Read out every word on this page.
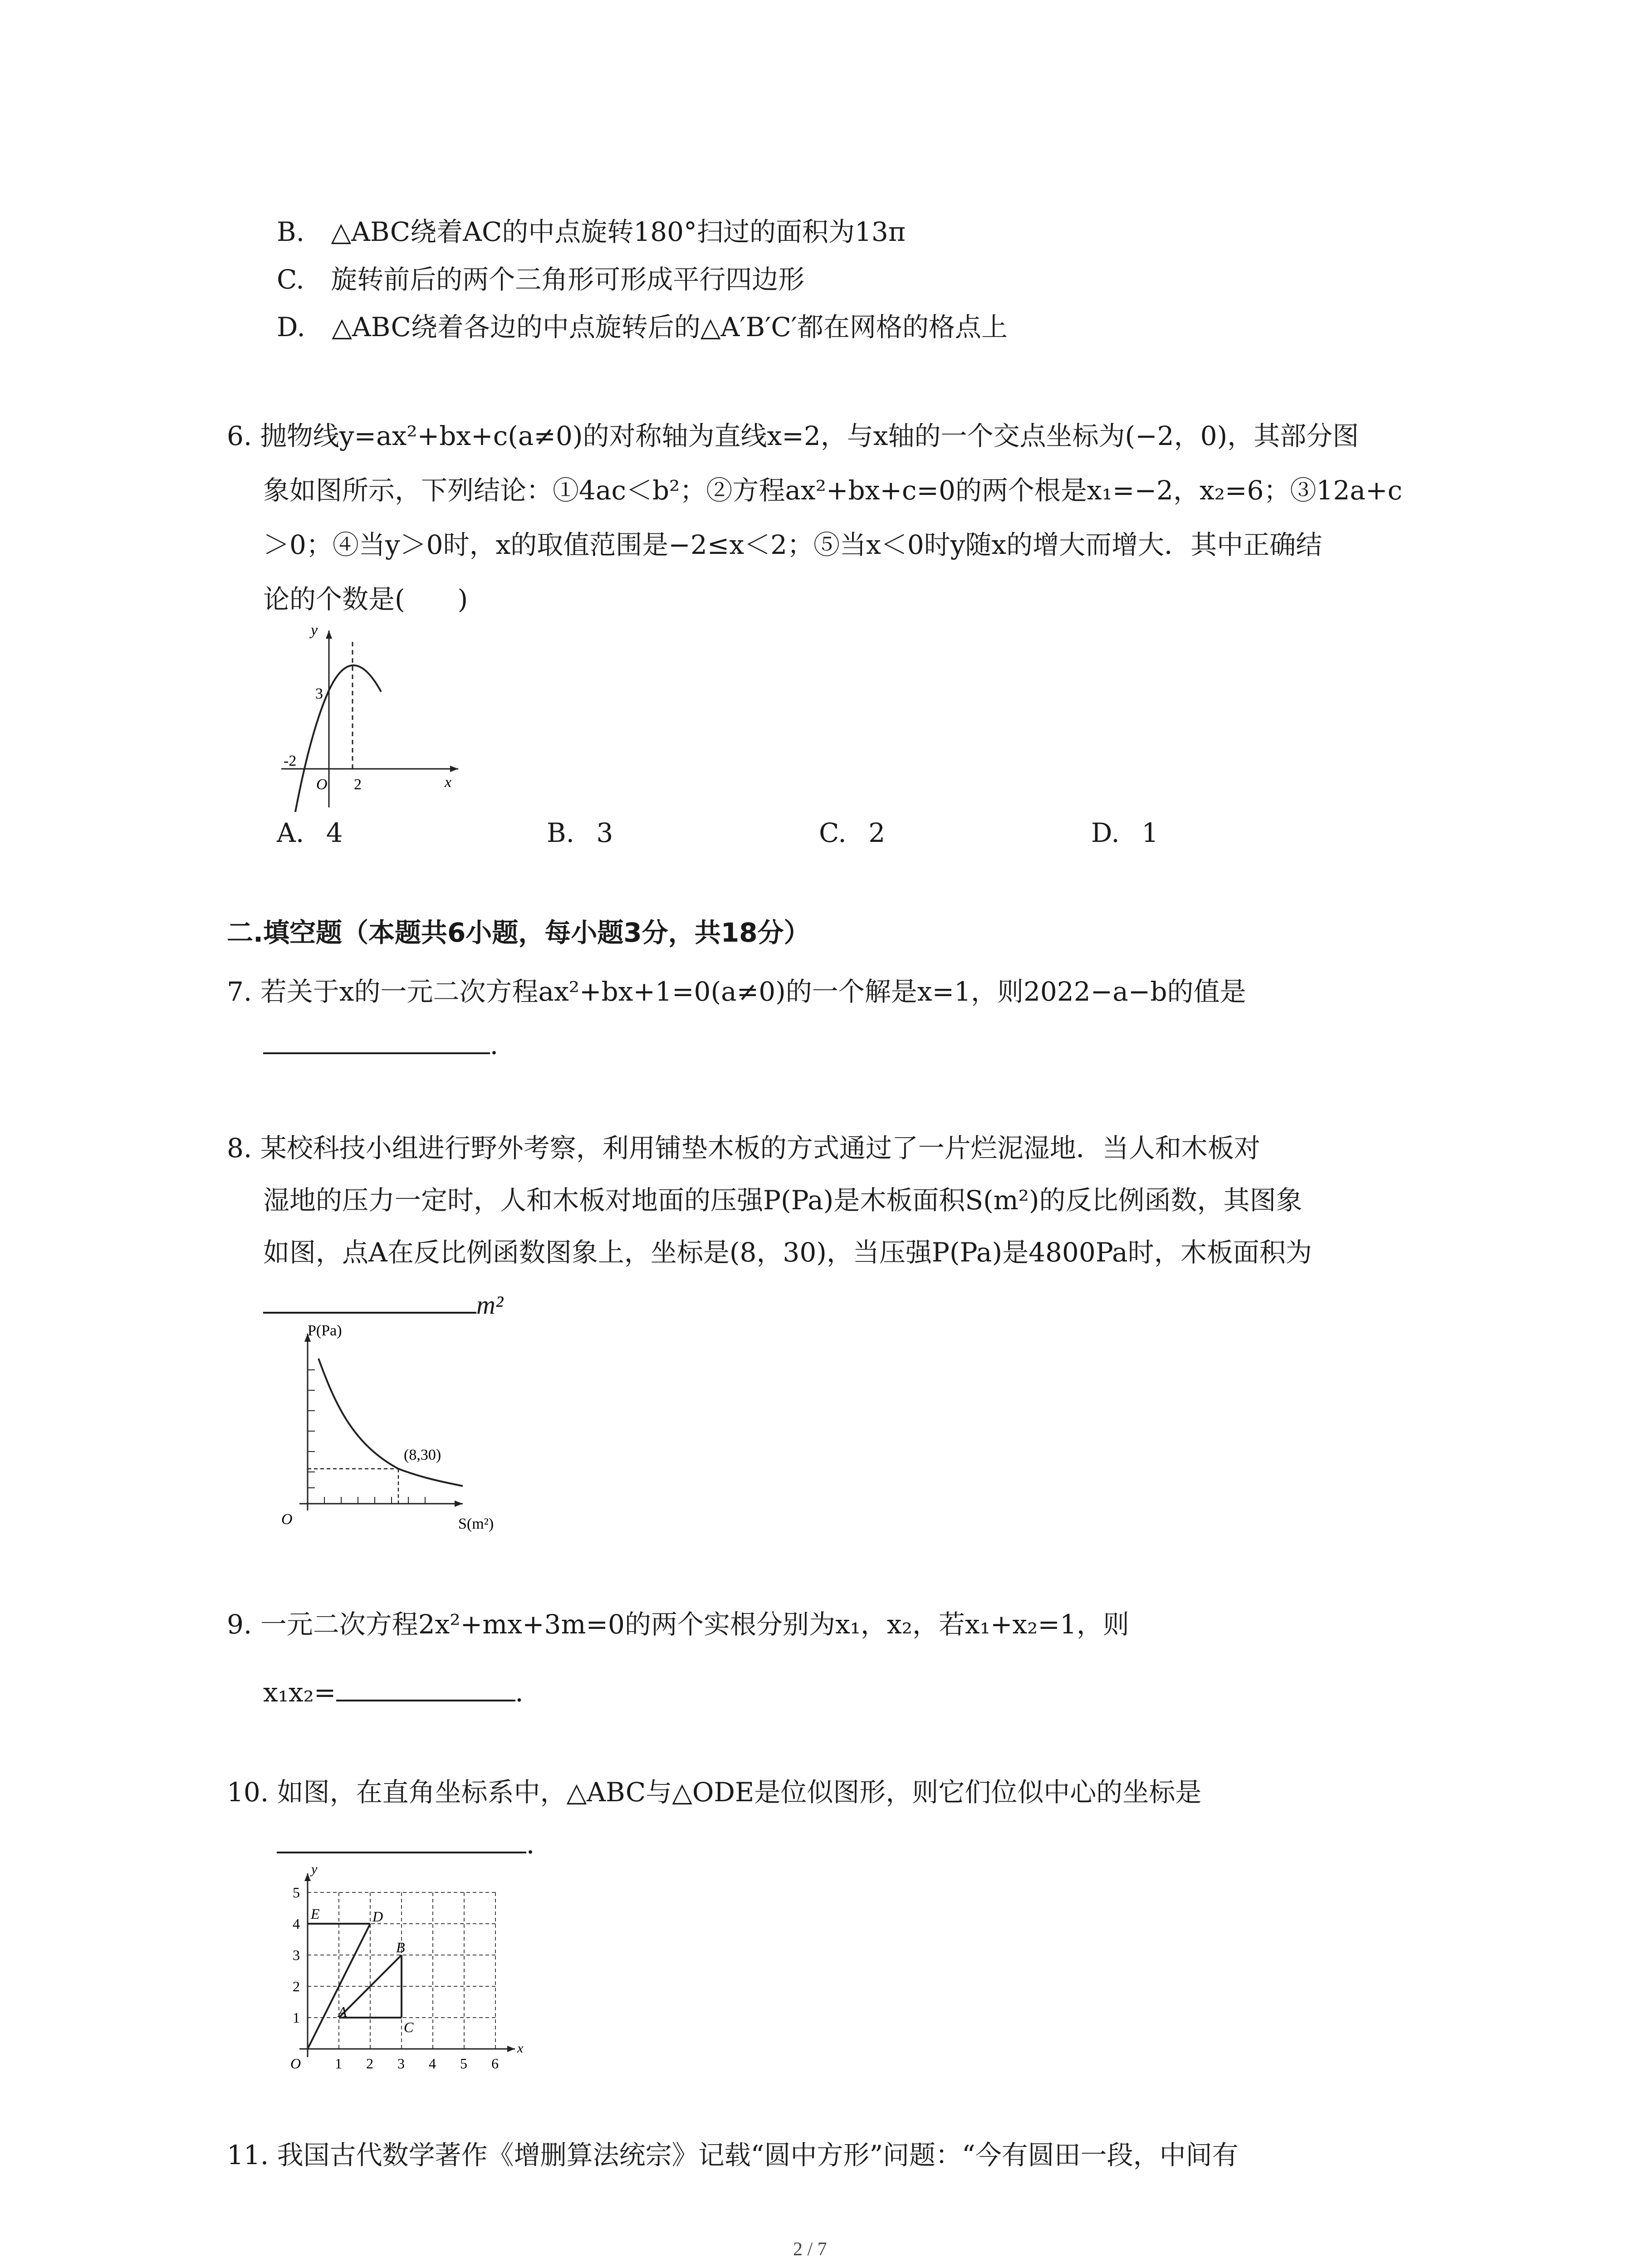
B. △ABC绕着AC的中点旋转180°扫过的面积为13π
C. 旋转前后的两个三角形可形成平行四边形
D. △ABC绕着各边的中点旋转后的△A′B′C′都在网格的格点上
6. 抛物线y=ax²+bx+c(a≠0)的对称轴为直线x=2，与x轴的一个交点坐标为(−2，0)，其部分图
象如图所示，下列结论：①4ac＜b²；②方程ax²+bx+c=0的两个根是x₁=−2，x₂=6；③12a+c
＞0；④当y＞0时，x的取值范围是−2≤x＜2；⑤当x＜0时y随x的增大而增大．其中正确结
论的个数是(　　)
y
x
O
3
-2
2
A. 4	B. 3	C. 2	D. 1
二.填空题（本题共6小题，每小题3分，共18分）
7. 若关于x的一元二次方程ax²+bx+1=0(a≠0)的一个解是x=1，则2022−a−b的值是
．
8. 某校科技小组进行野外考察，利用铺垫木板的方式通过了一片烂泥湿地．当人和木板对
湿地的压力一定时，人和木板对地面的压强P(Pa)是木板面积S(m²)的反比例函数，其图象
如图，点A在反比例函数图象上，坐标是(8，30)，当压强P(Pa)是4800Pa时，木板面积为
m²
P(Pa)
S(m²)
O
(8,30)
9. 一元二次方程2x²+mx+3m=0的两个实根分别为x₁，x₂，若x₁+x₂=1，则
x₁x₂=	．
10. 如图，在直角坐标系中，△ABC与△ODE是位似图形，则它们位似中心的坐标是
．
y
x
O
1
2
3
4
5
1 2 3 4 5 6
E	D
B
A
C
11. 我国古代数学著作《增删算法统宗》记载“圆中方形”问题：“今有圆田一段，中间有
2 / 7
